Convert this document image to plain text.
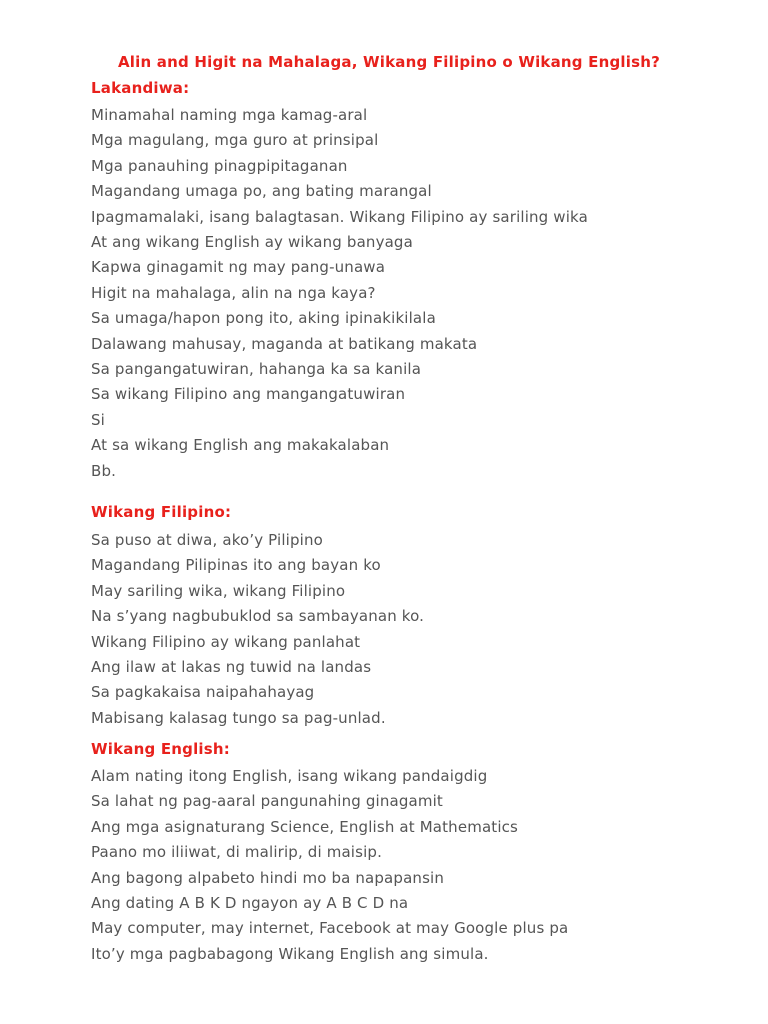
Alin and Higit na Mahalaga, Wikang Filipino o Wikang English?
Lakandiwa:
Minamahal naming mga kamag-aral
Mga magulang, mga guro at prinsipal
Mga panauhing pinagpipitaganan
Magandang umaga po, ang bating marangal
Ipagmamalaki, isang balagtasan. Wikang Filipino ay sariling wika
At ang wikang English ay wikang banyaga
Kapwa ginagamit ng may pang-unawa
Higit na mahalaga, alin na nga kaya?
Sa umaga/hapon pong ito, aking ipinakikilala
Dalawang mahusay, maganda at batikang makata
Sa pangangatuwiran, hahanga ka sa kanila
Sa wikang Filipino ang mangangatuwiran
Si
At sa wikang English ang makakalaban
Bb.
Wikang Filipino:
Sa puso at diwa, ako’y Pilipino
Magandang Pilipinas ito ang bayan ko
May sariling wika, wikang Filipino
Na s’yang nagbubuklod sa sambayanan ko.
Wikang Filipino ay wikang panlahat
Ang ilaw at lakas ng tuwid na landas
Sa pagkakaisa naipahahayag
Mabisang kalasag tungo sa pag-unlad.
Wikang English:
Alam nating itong English, isang wikang pandaigdig
Sa lahat ng pag-aaral pangunahing ginagamit
Ang mga asignaturang Science, English at Mathematics
Paano mo iliiwat, di malirip, di maisip.
Ang bagong alpabeto hindi mo ba napapansin
Ang dating A B K D ngayon ay A B C D na
May computer, may internet, Facebook at may Google plus pa
Ito’y mga pagbabagong Wikang English ang simula.
